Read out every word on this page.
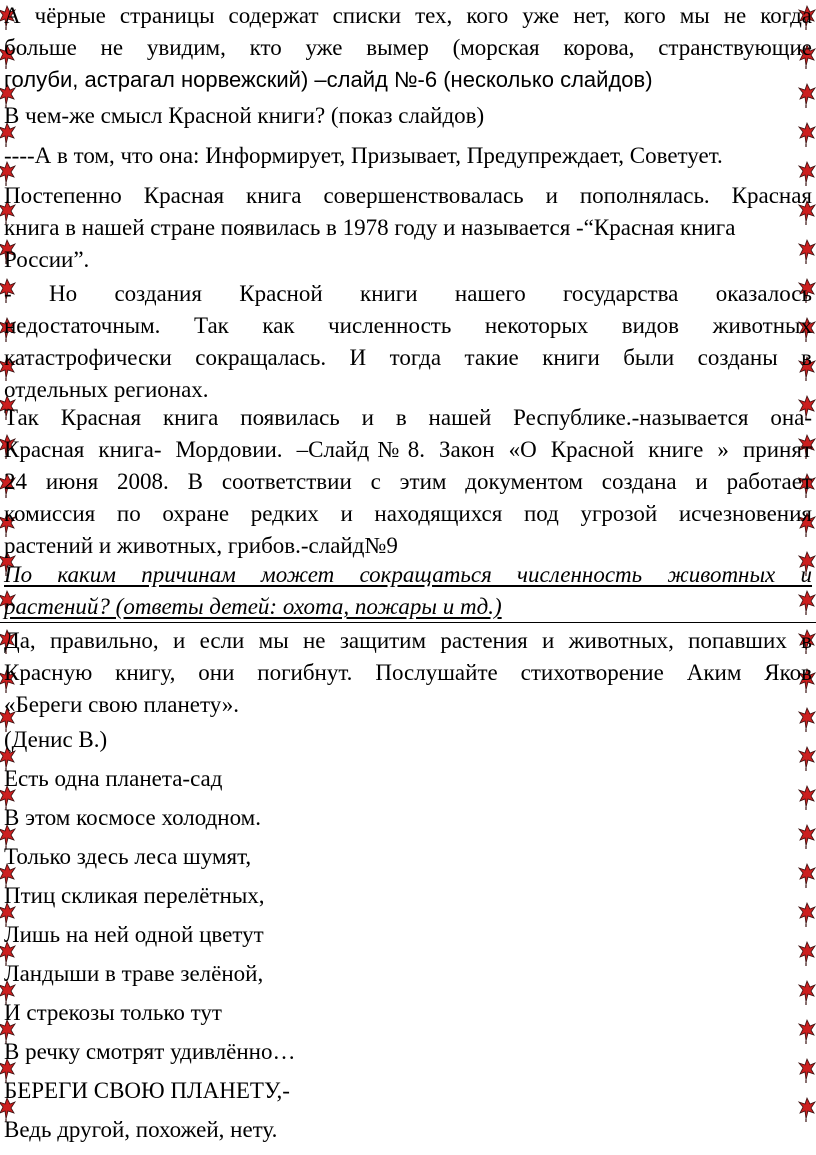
А чёрные страницы содержат списки тех, кого уже нет, кого мы не когда
больше не увидим, кто уже вымер (морская корова, странствующие
голуби, астрагал норвежский) –слайд №-6 (несколько слайдов)
В чем-же смысл Красной книги? (показ слайдов)
----А в том, что она: Информирует, Призывает, Предупреждает, Советует.
Постепенно Красная книга совершенствовалась и пополнялась. Красная
книга в нашей стране появилась в 1978 году и называется -“Красная книга
России”.
- Но создания Красной книги нашего государства оказалось
недостаточным. Так как численность некоторых видов животных
катастрофически сокращалась. И тогда такие книги были созданы в
отдельных регионах.
Так Красная книга появилась и в нашей Республике.-называется она-
Красная книга- Мордовии. –Слайд№8. Закон «О Красной книге » принят
24 июня 2008. В соответствии с этим документом создана и работает
комиссия по охране редких и находящихся под угрозой исчезновения
растений и животных, грибов.-слайд№9
По каким причинам может сокращаться численность животных и
растений? (ответы детей: охота, пожары и тд.)
Да, правильно, и если мы не защитим растения и животных, попавших в
Красную книгу, они погибнут. Послушайте стихотворение Аким Яков
«Береги свою планету».
(Денис В.)
Есть одна планета-сад
В этом космосе холодном.
Только здесь леса шумят,
Птиц скликая перелётных,
Лишь на ней одной цветут
Ландыши в траве зелёной,
И стрекозы только тут
В речку смотрят удивлённо…
БЕРЕГИ СВОЮ ПЛАНЕТУ,-
Ведь другой, похожей, нету.
